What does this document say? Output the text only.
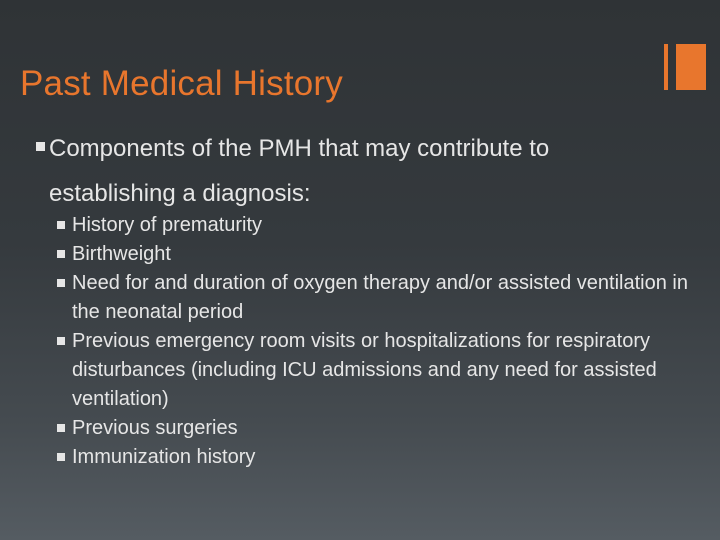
Past Medical History
Components of the PMH that may contribute to
establishing a diagnosis:
History of prematurity
Birthweight
Need for and duration of oxygen therapy and/or assisted ventilation in the neonatal period
Previous emergency room visits or hospitalizations for respiratory disturbances (including ICU admissions and any need for assisted ventilation)
Previous surgeries
Immunization history
